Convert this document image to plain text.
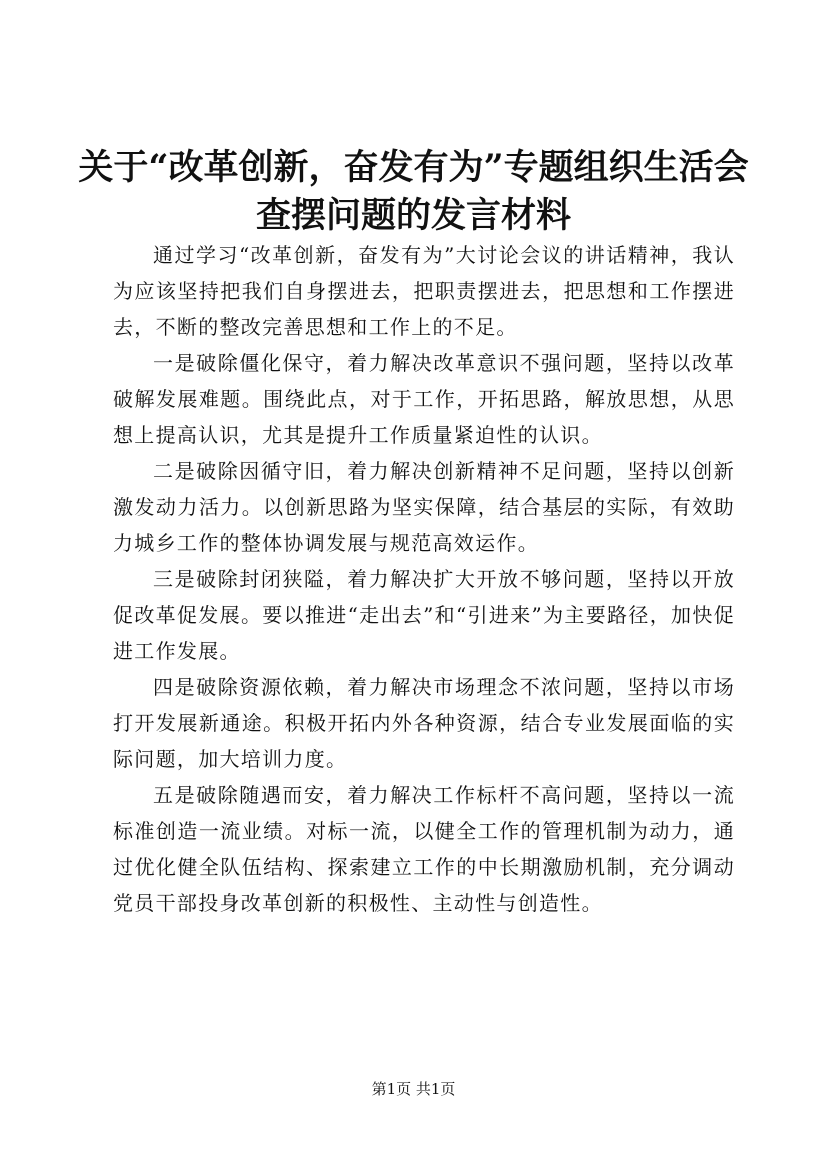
关于“改革创新，奋发有为”专题组织生活会
查摆问题的发言材料

通过学习“改革创新，奋发有为”大讨论会议的讲话精神，我认为应该坚持把我们自身摆进去，把职责摆进去，把思想和工作摆进去，不断的整改完善思想和工作上的不足。

一是破除僵化保守，着力解决改革意识不强问题，坚持以改革破解发展难题。围绕此点，对于工作，开拓思路，解放思想，从思想上提高认识，尤其是提升工作质量紧迫性的认识。

二是破除因循守旧，着力解决创新精神不足问题，坚持以创新激发动力活力。以创新思路为坚实保障，结合基层的实际，有效助力城乡工作的整体协调发展与规范高效运作。

三是破除封闭狭隘，着力解决扩大开放不够问题，坚持以开放促改革促发展。要以推进“走出去”和“引进来”为主要路径，加快促进工作发展。

四是破除资源依赖，着力解决市场理念不浓问题，坚持以市场打开发展新通途。积极开拓内外各种资源，结合专业发展面临的实际问题，加大培训力度。

五是破除随遇而安，着力解决工作标杆不高问题，坚持以一流标准创造一流业绩。对标一流，以健全工作的管理机制为动力，通过优化健全队伍结构、探索建立工作的中长期激励机制，充分调动党员干部投身改革创新的积极性、主动性与创造性。

第1页 共1页
